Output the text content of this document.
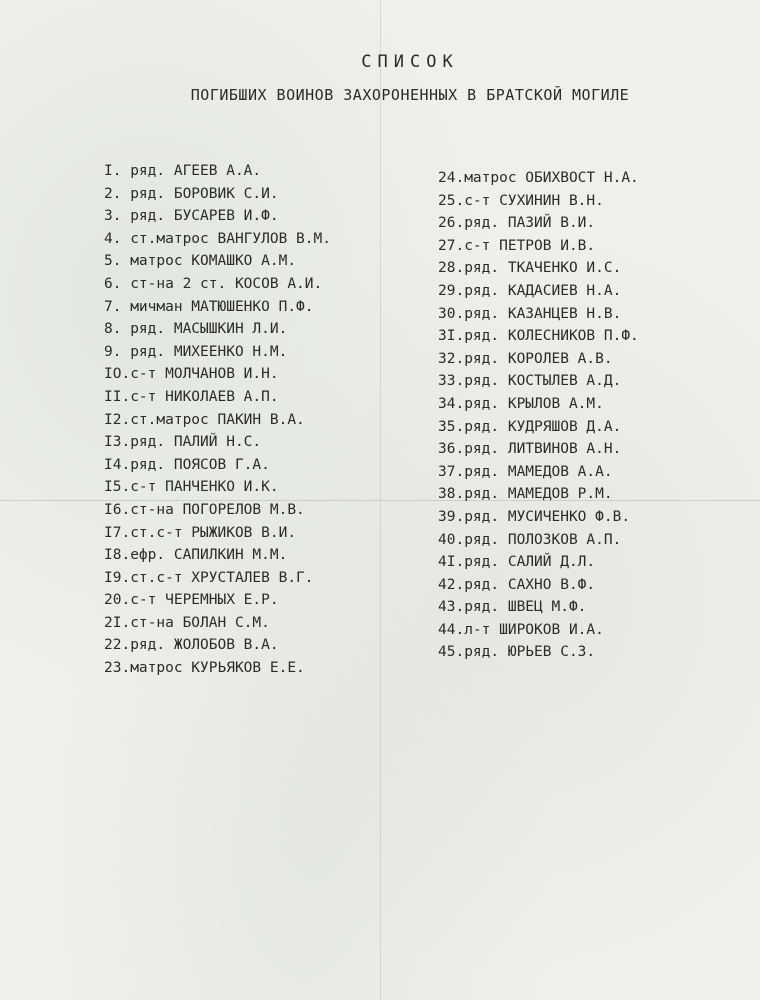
СПИСОК
ПОГИБШИХ ВОИНОВ ЗАХОРОНЕННЫХ В БРАТСКОЙ МОГИЛЕ
I. ряд. АГЕЕВ А.А.
2. ряд. БОРОВИК С.И.
3. ряд. БУСАРЕВ И.Ф.
4. ст.матрос ВАНГУЛОВ В.М.
5. матрос КОМАШКО А.М.
6. ст-на 2 ст. КОСОВ А.И.
7. мичман МАТЮШЕНКО П.Ф.
8. ряд. МАСЫШКИН Л.И.
9. ряд. МИХЕЕНКО Н.М.
IO.с-т МОЛЧАНОВ И.Н.
II.с-т НИКОЛАЕВ А.П.
I2.ст.матрос ПАКИН В.А.
I3.ряд. ПАЛИЙ Н.С.
I4.ряд. ПОЯСОВ Г.А.
I5.с-т ПАНЧЕНКО И.К.
I6.ст-на ПОГОРЕЛОВ М.В.
I7.ст.с-т РЫЖИКОВ В.И.
I8.ефр. САПИЛКИН М.М.
I9.ст.с-т ХРУСТАЛЕВ В.Г.
20.с-т ЧЕРЕМНЫХ Е.Р.
2I.ст-на БОЛАН С.М.
22.ряд. ЖОЛОБОВ В.А.
23.матрос КУРЬЯКОВ Е.Е.
24.матрос ОБИХВОСТ Н.А.
25.с-т СУХИНИН В.Н.
26.ряд. ПАЗИЙ В.И.
27.с-т ПЕТРОВ И.В.
28.ряд. ТКАЧЕНКО И.С.
29.ряд. КАДАСИЕВ Н.А.
30.ряд. КАЗАНЦЕВ Н.В.
3I.ряд. КОЛЕСНИКОВ П.Ф.
32.ряд. КОРОЛЕВ А.В.
33.ряд. КОСТЫЛЕВ А.Д.
34.ряд. КРЫЛОВ А.М.
35.ряд. КУДРЯШОВ Д.А.
36.ряд. ЛИТВИНОВ А.Н.
37.ряд. МАМЕДОВ А.А.
38.ряд. МАМЕДОВ Р.М.
39.ряд. МУСИЧЕНКО Ф.В.
40.ряд. ПОЛОЗКОВ А.П.
4I.ряд. САЛИЙ Д.Л.
42.ряд. САХНО В.Ф.
43.ряд. ШВЕЦ М.Ф.
44.л-т ШИРОКОВ И.А.
45.ряд. ЮРЬЕВ С.З.
